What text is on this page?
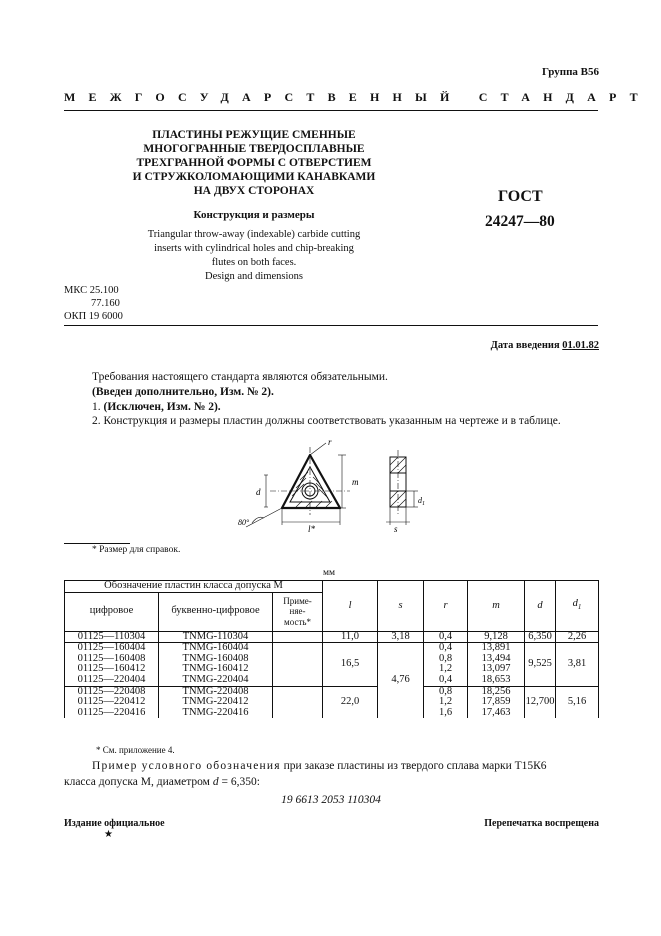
Группа В56
МЕЖГОСУДАРСТВЕННЫЙ СТАНДАРТ
ПЛАСТИНЫ РЕЖУЩИЕ СМЕННЫЕ
МНОГОГРАННЫЕ ТВЕРДОСПЛАВНЫЕ
ТРЕХГРАННОЙ ФОРМЫ С ОТВЕРСТИЕМ
И СТРУЖКОЛОМАЮЩИМИ КАНАВКАМИ
НА ДВУХ СТОРОНАХ
Конструкция и размеры
Triangular throw-away (indexable) carbide cutting
inserts with cylindrical holes and chip-breaking
flutes on both faces.
Design and dimensions
ГОСТ
24247—80
МКС 25.100
77.160
ОКП 19 6000
Дата введения 01.01.82
Требования настоящего стандарта являются обязательными.
(Введен дополнительно, Изм. № 2).
1. (Исключен, Изм. № 2).
2. Конструкция и размеры пластин должны соответствовать указанным на чертеже и в таблице.
r
m
d
l*
80°
s
$d_1$
* Размер для справок.
мм
Обозначение пластин класса допуска М			l	s	r	m	d	$d_1$
цифровое	буквенно-цифровое	Приме-
няе-
мость*						

01125—110304	TNMG-110304		11,0	3,18	0,4	9,128	6,350	2,26
01125—160404	TNMG-160404		16,5	4,76	0,4	13,891	9,525	3,81
01125—160408	TNMG-160408				0,8	13,494		
01125—160412	TNMG-160412				1,2	13,097		
01125—220404	TNMG-220404				0,4	18,653		
01125—220408	TNMG-220408		22,0		0,8	18,256	12,700	5,16
01125—220412	TNMG-220412				1,2	17,859		
01125—220416	TNMG-220416				1,6	17,463		
* См. приложение 4.
Пример условного обозначения при заказе пластины из твердого сплава марки Т15К6
класса допуска М, диаметром d = 6,350:
19 6613 2053 110304
Издание официальное	Перепечатка воспрещена
★
